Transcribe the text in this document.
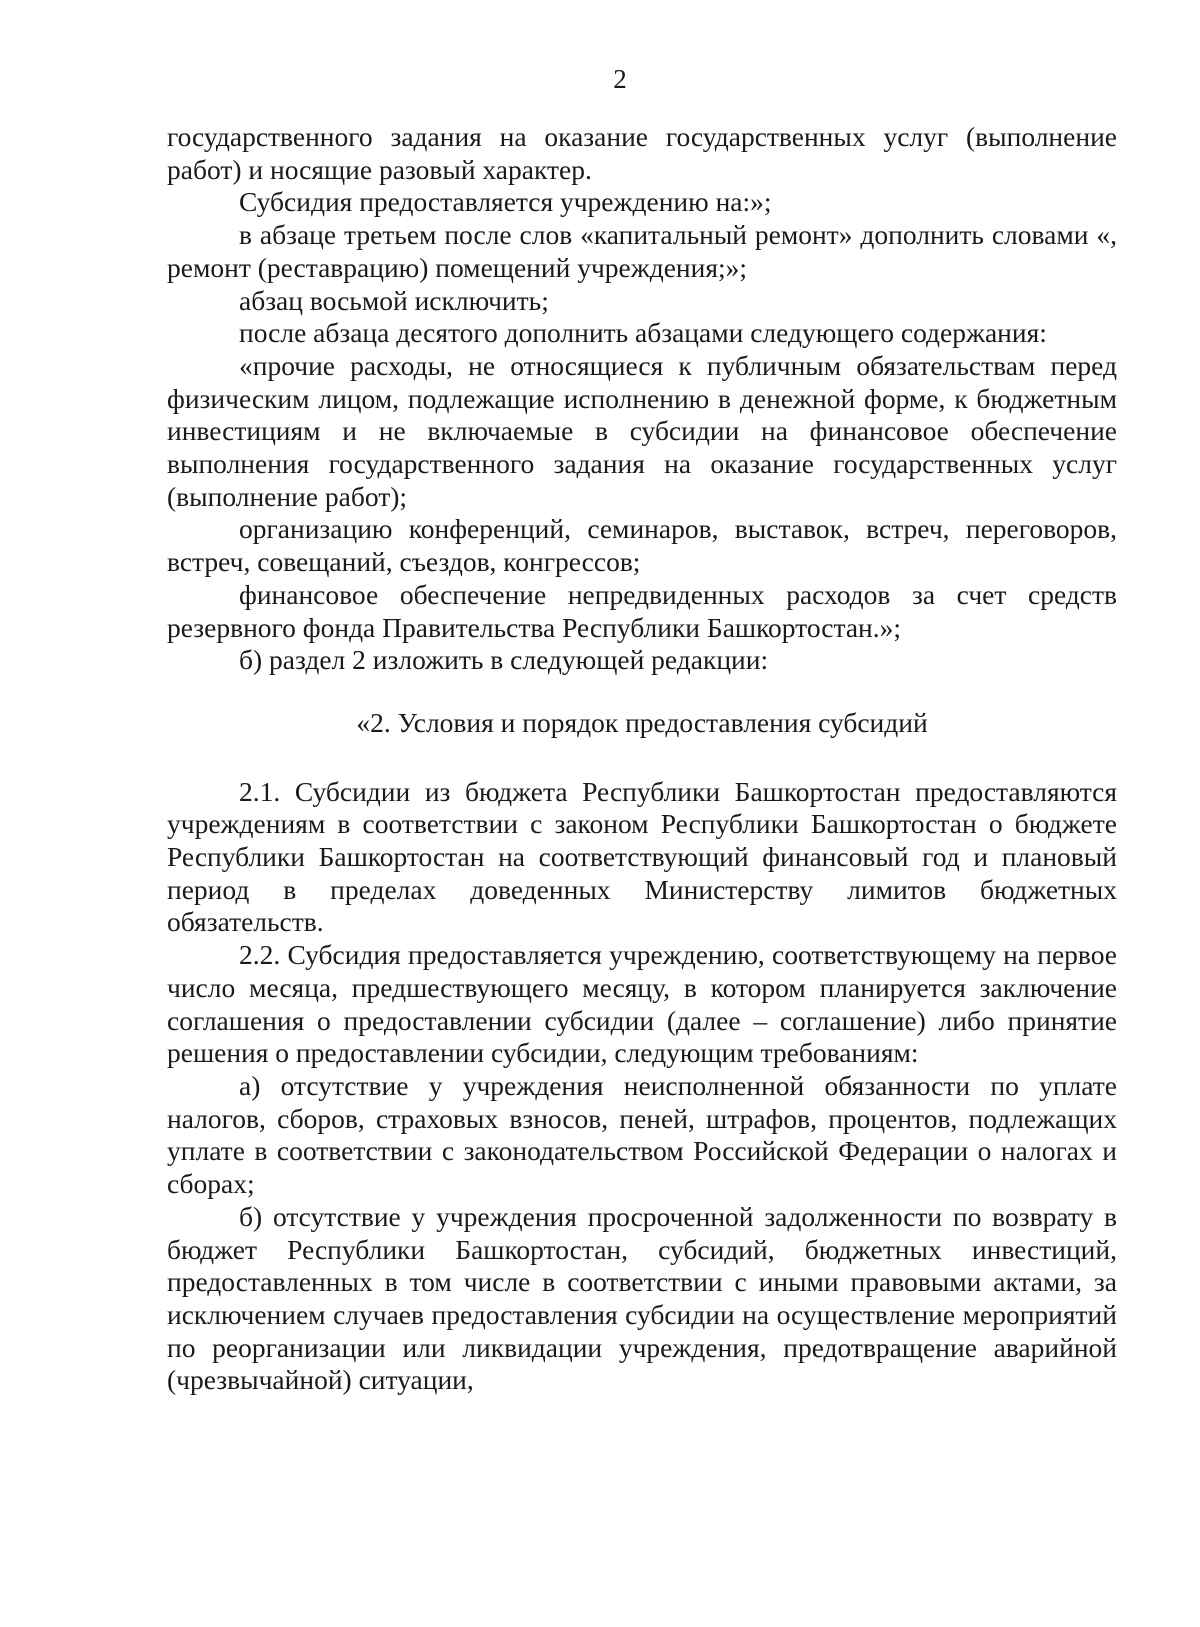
2

государственного задания на оказание государственных услуг (выполнение работ) и носящие разовый характер.

Субсидия предоставляется учреждению на:»;

в абзаце третьем после слов «капитальный ремонт» дополнить словами «, ремонт (реставрацию) помещений учреждения;»;

абзац восьмой исключить;

после абзаца десятого дополнить абзацами следующего содержания:

«прочие расходы, не относящиеся к публичным обязательствам перед физическим лицом, подлежащие исполнению в денежной форме, к бюджетным инвестициям и не включаемые в субсидии на финансовое обеспечение выполнения государственного задания на оказание государственных услуг (выполнение работ);

организацию конференций, семинаров, выставок, встреч, переговоров, встреч, совещаний, съездов, конгрессов;

финансовое обеспечение непредвиденных расходов за счет средств резервного фонда Правительства Республики Башкортостан.»;

б) раздел 2 изложить в следующей редакции:

«2. Условия и порядок предоставления субсидий

2.1. Субсидии из бюджета Республики Башкортостан предоставляются учреждениям в соответствии с законом Республики Башкортостан о бюджете Республики Башкортостан на соответствующий финансовый год и плановый период в пределах доведенных Министерству лимитов бюджетных обязательств.

2.2. Субсидия предоставляется учреждению, соответствующему на первое число месяца, предшествующего месяцу, в котором планируется заключение соглашения о предоставлении субсидии (далее – соглашение) либо принятие решения о предоставлении субсидии, следующим требованиям:

а) отсутствие у учреждения неисполненной обязанности по уплате налогов, сборов, страховых взносов, пеней, штрафов, процентов, подлежащих уплате в соответствии с законодательством Российской Федерации о налогах и сборах;

б) отсутствие у учреждения просроченной задолженности по возврату в бюджет Республики Башкортостан, субсидий, бюджетных инвестиций, предоставленных в том числе в соответствии с иными правовыми актами, за исключением случаев предоставления субсидии на осуществление мероприятий по реорганизации или ликвидации учреждения, предотвращение аварийной (чрезвычайной) ситуации,
